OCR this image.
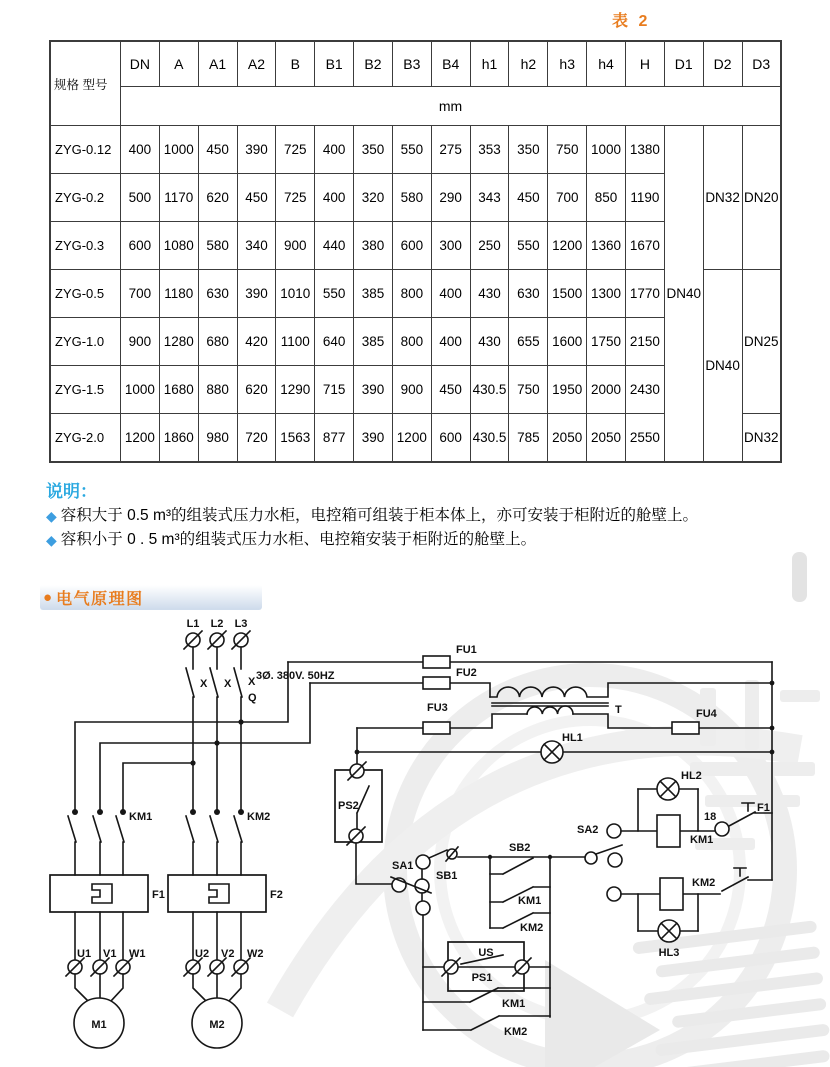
L1 L2 L3
3Ø. 380V. 50HZ
X X X
Q
FU1
FU2
FU3	FU4
T
HL1
PS2
KM1	KM2
F1	F2
U1 V1 W1	U2 V2 W2
M1	M2
SA1
SB1
SB2
KM1
KM2
SA2
HL2
KM1
18
F1
KM2
HL3
US
PS1
KM1
KM2
表 2
规格 型号	DN	A	A1	A2	B	B1	B2	B3	B4	h1	h2	h3	h4	H	D1	D2	D3
	mm																
ZYG-0.12	400	1000	450	390	725	400	350	550	275	353	350	750	1000	1380	DN40	DN32	DN20
ZYG-0.2	500	1170	620	450	725	400	320	580	290	343	450	700	850	1190			
ZYG-0.3	600	1080	580	340	900	440	380	600	300	250	550	1200	1360	1670			
ZYG-0.5	700	1180	630	390	1010	550	385	800	400	430	630	1500	1300	1770		DN40	DN25
ZYG-1.0	900	1280	680	420	1100	640	385	800	400	430	655	1600	1750	2150			
ZYG-1.5	1000	1680	880	620	1290	715	390	900	450	430.5	750	1950	2000	2430			
ZYG-2.0	1200	1860	980	720	1563	877	390	1200	600	430.5	785	2050	2050	2550			DN32
说明：
◆ 容积大于 0.5 m³的组装式压力水柜，电控箱可组装于柜本体上，亦可安装于柜附近的舱壁上。
◆ 容积小于 0 . 5 m³的组装式压力水柜、电控箱安装于柜附近的舱壁上。
● 电气原理图
